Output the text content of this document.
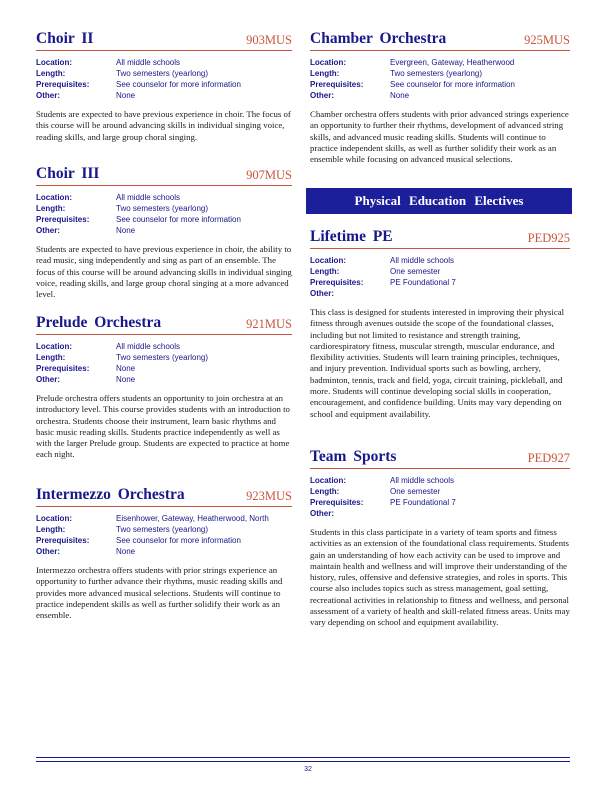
Choir II	903MUS
Location:	All middle schools
Length:	Two semesters (yearlong)
Prerequisites:	See counselor for more information
Other:	None
Students are expected to have previous experience in choir. The focus of this course will be around advancing skills in individual singing voice, reading skills, and large group choral singing.
Choir III	907MUS
Location:	All middle schools
Length:	Two semesters (yearlong)
Prerequisites:	See counselor for more information
Other:	None
Students are expected to have previous experience in choir, the ability to read music, sing independently and sing as part of an ensemble. The focus of this course will be around advancing skills in individual singing voice, reading skills, and large group choral singing at a more advanced level.
Prelude Orchestra	921MUS
Location:	All middle schools
Length:	Two semesters (yearlong)
Prerequisites:	None
Other:	None
Prelude orchestra offers students an opportunity to join orchestra at an introductory level. This course provides students with an introduction to orchestra. Students choose their instrument, learn basic rhythms and basic music reading skills. Students practice independently as well as with the larger Prelude group. Students are expected to practice at home each night.
Intermezzo Orchestra	923MUS
Location:	Eisenhower, Gateway, Heatherwood, North
Length:	Two semesters (yearlong)
Prerequisites:	See counselor for more information
Other:	None
Intermezzo orchestra offers students with prior strings experience an opportunity to further advance their rhythms, music reading skills and provides more advanced musical selections. Students will continue to practice independent skills as well as further solidify their work as an ensemble.
Chamber Orchestra	925MUS
Location:	Evergreen, Gateway, Heatherwood
Length:	Two semesters (yearlong)
Prerequisites:	See counselor for more information
Other:	None
Chamber orchestra offers students with prior advanced strings experience an opportunity to further their rhythms, development of advanced string skills, and advanced music reading skills. Students will continue to practice independent skills, as well as further solidify their work as an ensemble while focusing on advanced musical selections.
Physical Education Electives
Lifetime PE	PED925
Location:	All middle schools
Length:	One semester
Prerequisites:	PE Foundational 7
Other:
This class is designed for students interested in improving their physical fitness through avenues outside the scope of the foundational classes, including but not limited to resistance and strength training, cardiorespiratory fitness, muscular strength, muscular endurance, and flexibility activities. Students will learn training principles, techniques, and injury prevention. Individual sports such as bowling, archery, badminton, tennis, track and field, yoga, circuit training, pickleball, and more. Students will continue developing social skills in cooperation, encouragement, and confidence building. Units may vary depending on school and equipment availability.
Team Sports	PED927
Location:	All middle schools
Length:	One semester
Prerequisites:	PE Foundational 7
Other:
Students in this class participate in a variety of team sports and fitness activities as an extension of the foundational class requirements. Students gain an understanding of how each activity can be used to improve and maintain health and wellness and will improve their understanding of the history, rules, offensive and defensive strategies, and roles in sports. This course also includes topics such as stress management, goal setting, recreational activities in relationship to fitness and wellness, and personal assessment of a variety of health and skill-related fitness areas. Units may vary depending on school and equipment availability.
32
